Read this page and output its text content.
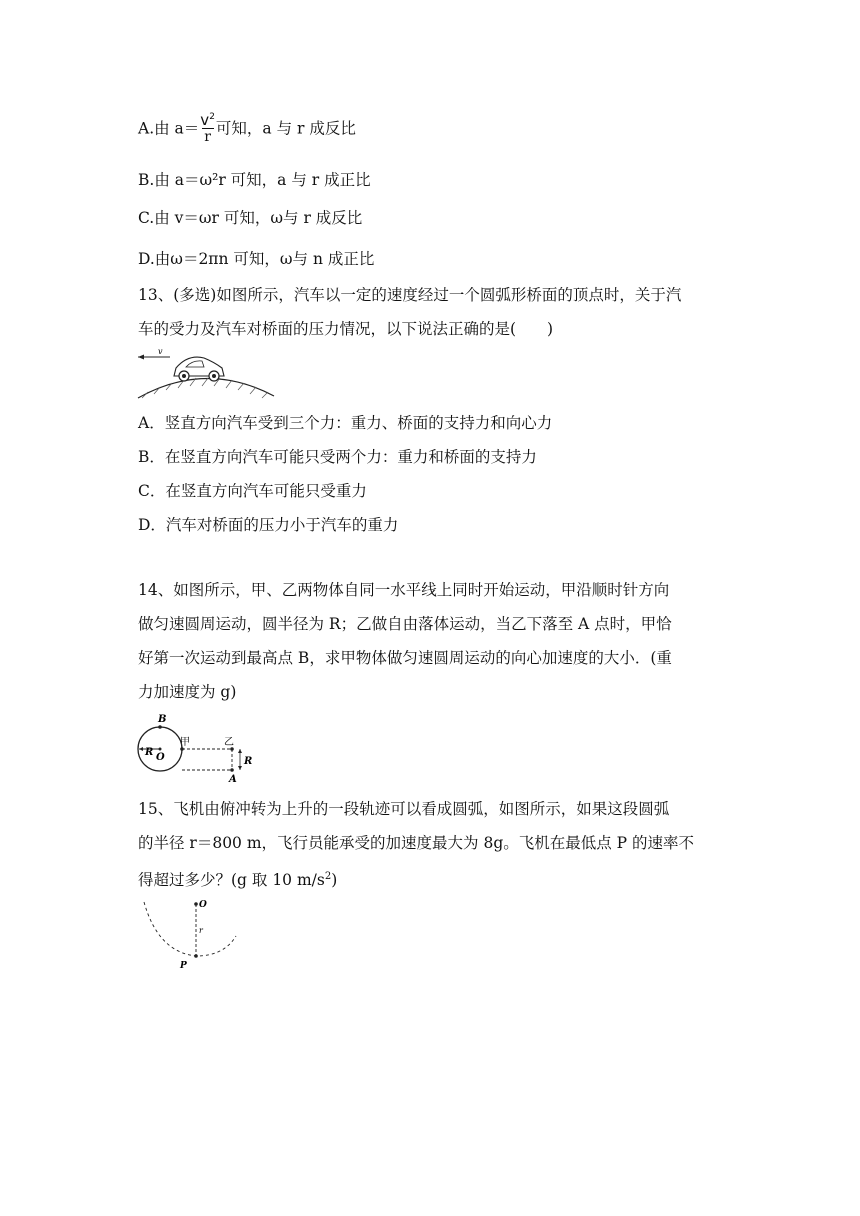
A.由 $a= \frac{v^2}{r}$ 可知，a 与 r 成反比
B.由 a＝ω²r 可知，a 与 r 成正比
C.由 v＝ωr 可知，ω与 r 成反比
D.由ω＝2πn 可知，ω与 n 成正比
13、(多选)如图所示，汽车以一定的速度经过一个圆弧形桥面的顶点时，关于汽
车的受力及汽车对桥面的压力情况，以下说法正确的是(　　)
v
A．竖直方向汽车受到三个力：重力、桥面的支持力和向心力
B．在竖直方向汽车可能只受两个力：重力和桥面的支持力
C．在竖直方向汽车可能只受重力
D．汽车对桥面的压力小于汽车的重力
14、如图所示，甲、乙两物体自同一水平线上同时开始运动，甲沿顺时针方向
做匀速圆周运动，圆半径为 R；乙做自由落体运动，当乙下落至 A 点时，甲恰
好第一次运动到最高点 B，求甲物体做匀速圆周运动的向心加速度的大小．(重
力加速度为 g)
B
R O
甲	乙
A
R
15、飞机由俯冲转为上升的一段轨迹可以看成圆弧，如图所示，如果这段圆弧
的半径 r＝800 m，飞行员能承受的加速度最大为 8g。飞机在最低点 P 的速率不
得超过多少？(g 取 10 $m/s^2$)
O
r
P
